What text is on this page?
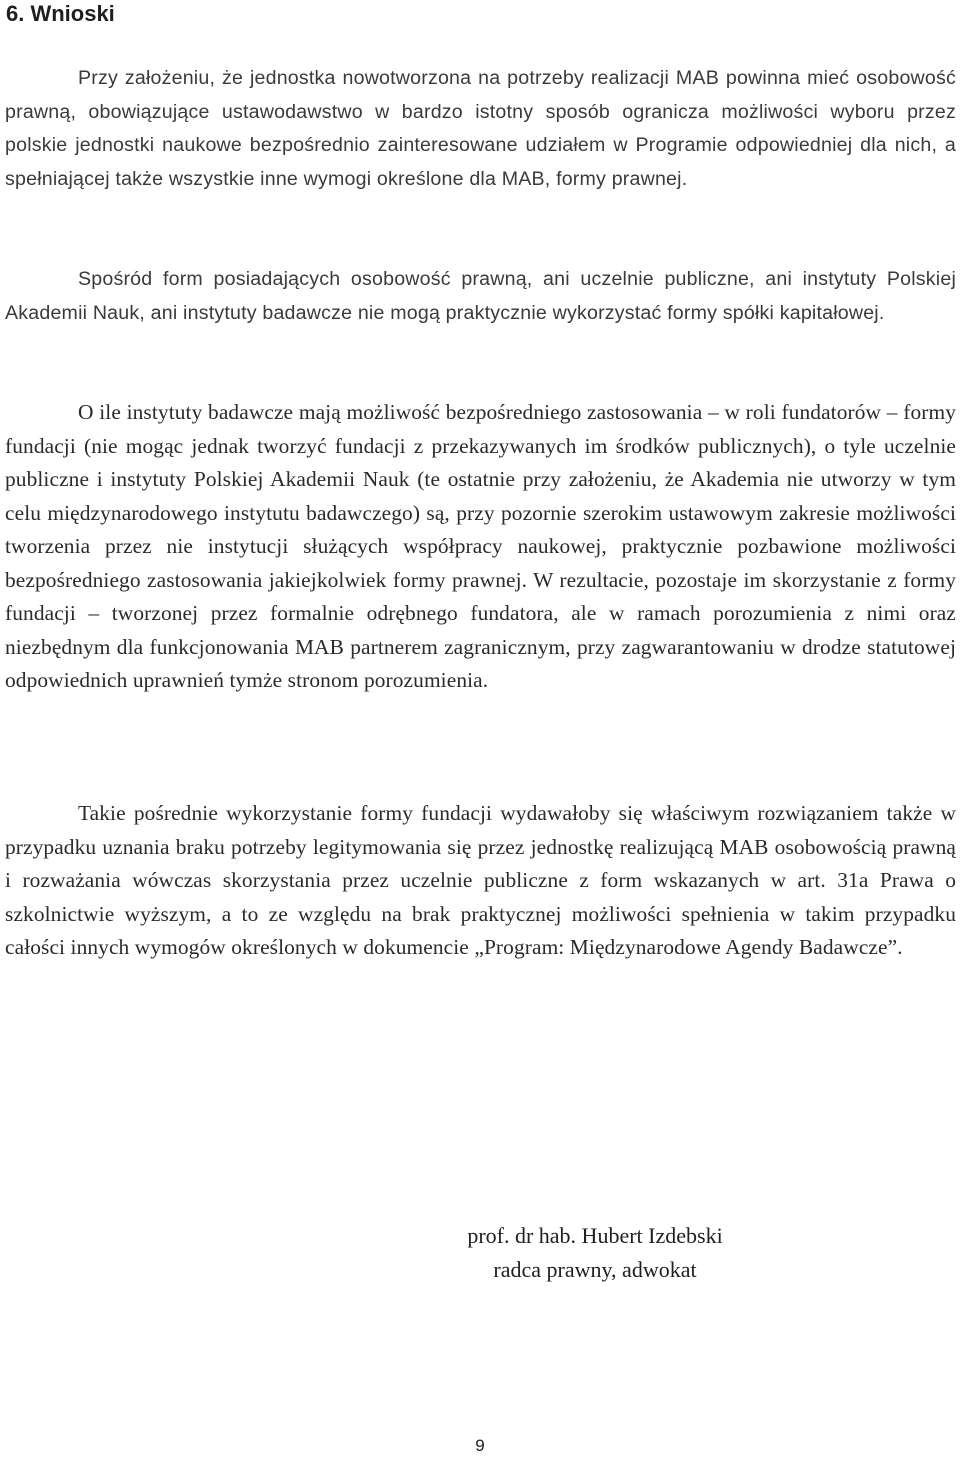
6. Wnioski

Przy założeniu, że jednostka nowotworzona na potrzeby realizacji MAB powinna mieć osobowość prawną, obowiązujące ustawodawstwo w bardzo istotny sposób ogranicza możliwości wyboru przez polskie jednostki naukowe bezpośrednio zainteresowane udziałem w Programie odpowiedniej dla nich, a spełniającej także wszystkie inne wymogi określone dla MAB, formy prawnej.

Spośród form posiadających osobowość prawną, ani uczelnie publiczne, ani instytuty Polskiej Akademii Nauk, ani instytuty badawcze nie mogą praktycznie wykorzystać formy spółki kapitałowej.

O ile instytuty badawcze mają możliwość bezpośredniego zastosowania – w roli fundatorów – formy fundacji (nie mogąc jednak tworzyć fundacji z przekazywanych im środków publicznych), o tyle uczelnie publiczne i instytuty Polskiej Akademii Nauk (te ostatnie przy założeniu, że Akademia nie utworzy w tym celu międzynarodowego instytutu badawczego) są, przy pozornie szerokim ustawowym zakresie możliwości tworzenia przez nie instytucji służących współpracy naukowej, praktycznie pozbawione możliwości bezpośredniego zastosowania jakiejkolwiek formy prawnej. W rezultacie, pozostaje im skorzystanie z formy fundacji – tworzonej przez formalnie odrębnego fundatora, ale w ramach porozumienia z nimi oraz niezbędnym dla funkcjonowania MAB partnerem zagranicznym, przy zagwarantowaniu w drodze statutowej odpowiednich uprawnień tymże stronom porozumienia.

Takie pośrednie wykorzystanie formy fundacji wydawałoby się właściwym rozwiązaniem także w przypadku uznania braku potrzeby legitymowania się przez jednostkę realizującą MAB osobowością prawną i rozważania wówczas skorzystania przez uczelnie publiczne z form wskazanych w art. 31a Prawa o szkolnictwie wyższym, a to ze względu na brak praktycznej możliwości spełnienia w takim przypadku całości innych wymogów określonych w dokumencie „Program: Międzynarodowe Agendy Badawcze”.

prof. dr hab. Hubert Izdebski
radca prawny, adwokat
9
